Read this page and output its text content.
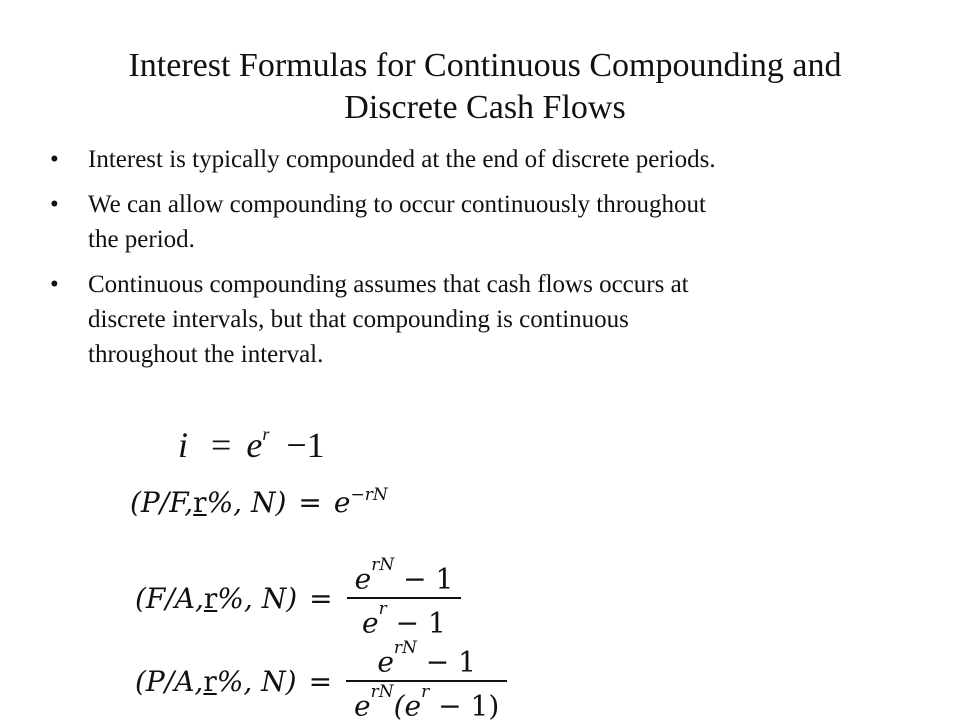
Interest Formulas for Continuous Compounding and
Discrete Cash Flows
• Interest is typically compounded at the end of discrete periods.
• We can allow compounding to occur continuously throughout
the period.
• Continuous compounding assumes that cash flows occurs at
discrete intervals, but that compounding is continuous
throughout the interval.
$i = e^r -1$
(P/F, r %, $N) = e^{-rN}$
(F/A, r %, $N) = \frac{e^{rN} - 1}{e^r - 1}$
(P/A, r %, $N) = \frac{e^{rN} - 1}{e^{rN}(e^r - 1)}$
